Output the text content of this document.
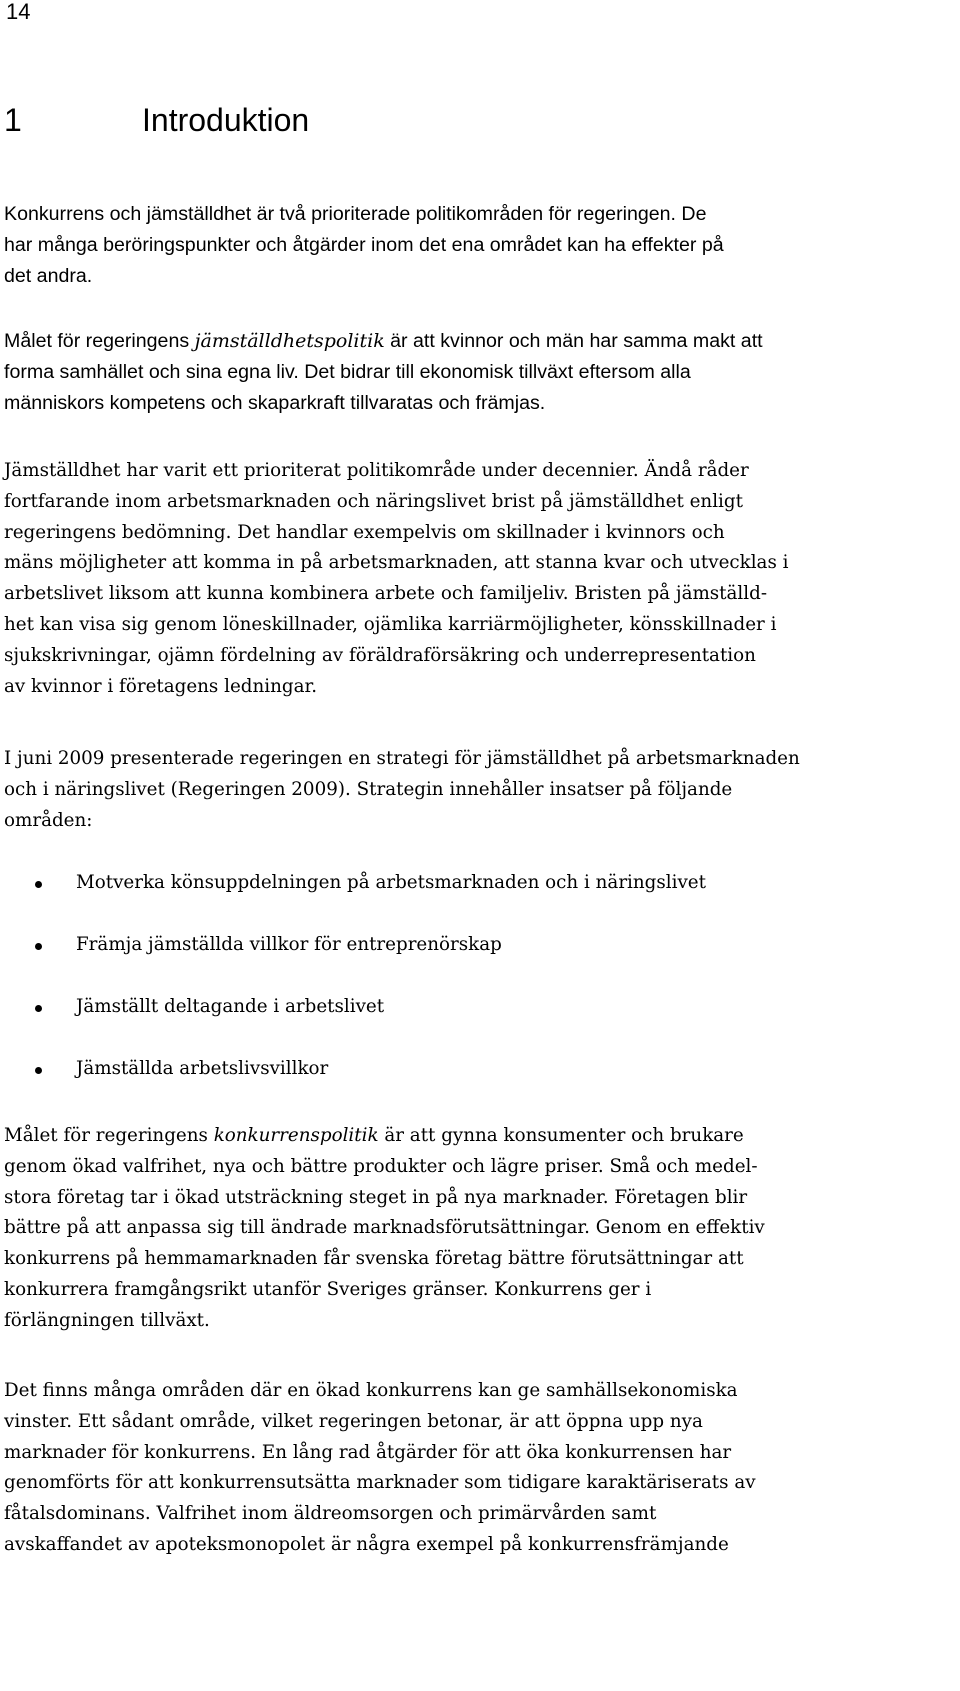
14
1	Introduktion

Konkurrens och jämställdhet är två prioriterade politikområden för regeringen. De
har många beröringspunkter och åtgärder inom det ena området kan ha effekter på
det andra.

Målet för regeringens jämställdhetspolitik är att kvinnor och män har samma makt att
forma samhället och sina egna liv. Det bidrar till ekonomisk tillväxt eftersom alla
människors kompetens och skaparkraft tillvaratas och främjas.

Jämställdhet har varit ett prioriterat politikområde under decennier. Ändå råder
fortfarande inom arbetsmarknaden och näringslivet brist på jämställdhet enligt
regeringens bedömning. Det handlar exempelvis om skillnader i kvinnors och
mäns möjligheter att komma in på arbetsmarknaden, att stanna kvar och utvecklas i
arbetslivet liksom att kunna kombinera arbete och familjeliv. Bristen på jämställd-
het kan visa sig genom löneskillnader, ojämlika karriärmöjligheter, könsskillnader i
sjukskrivningar, ojämn fördelning av föräldraförsäkring och underrepresentation
av kvinnor i företagens ledningar.

I juni 2009 presenterade regeringen en strategi för jämställdhet på arbetsmarknaden
och i näringslivet (Regeringen 2009). Strategin innehåller insatser på följande
områden:

Motverka könsuppdelningen på arbetsmarknaden och i näringslivet
Främja jämställda villkor för entreprenörskap
Jämställt deltagande i arbetslivet
Jämställda arbetslivsvillkor

Målet för regeringens konkurrenspolitik är att gynna konsumenter och brukare
genom ökad valfrihet, nya och bättre produkter och lägre priser. Små och medel-
stora företag tar i ökad utsträckning steget in på nya marknader. Företagen blir
bättre på att anpassa sig till ändrade marknadsförutsättningar. Genom en effektiv
konkurrens på hemmamarknaden får svenska företag bättre förutsättningar att
konkurrera framgångsrikt utanför Sveriges gränser. Konkurrens ger i
förlängningen tillväxt.

Det finns många områden där en ökad konkurrens kan ge samhällsekonomiska
vinster. Ett sådant område, vilket regeringen betonar, är att öppna upp nya
marknader för konkurrens. En lång rad åtgärder för att öka konkurrensen har
genomförts för att konkurrensutsätta marknader som tidigare karaktäriserats av
fåtalsdominans. Valfrihet inom äldreomsorgen och primärvården samt
avskaffandet av apoteksmonopolet är några exempel på konkurrensfrämjande
